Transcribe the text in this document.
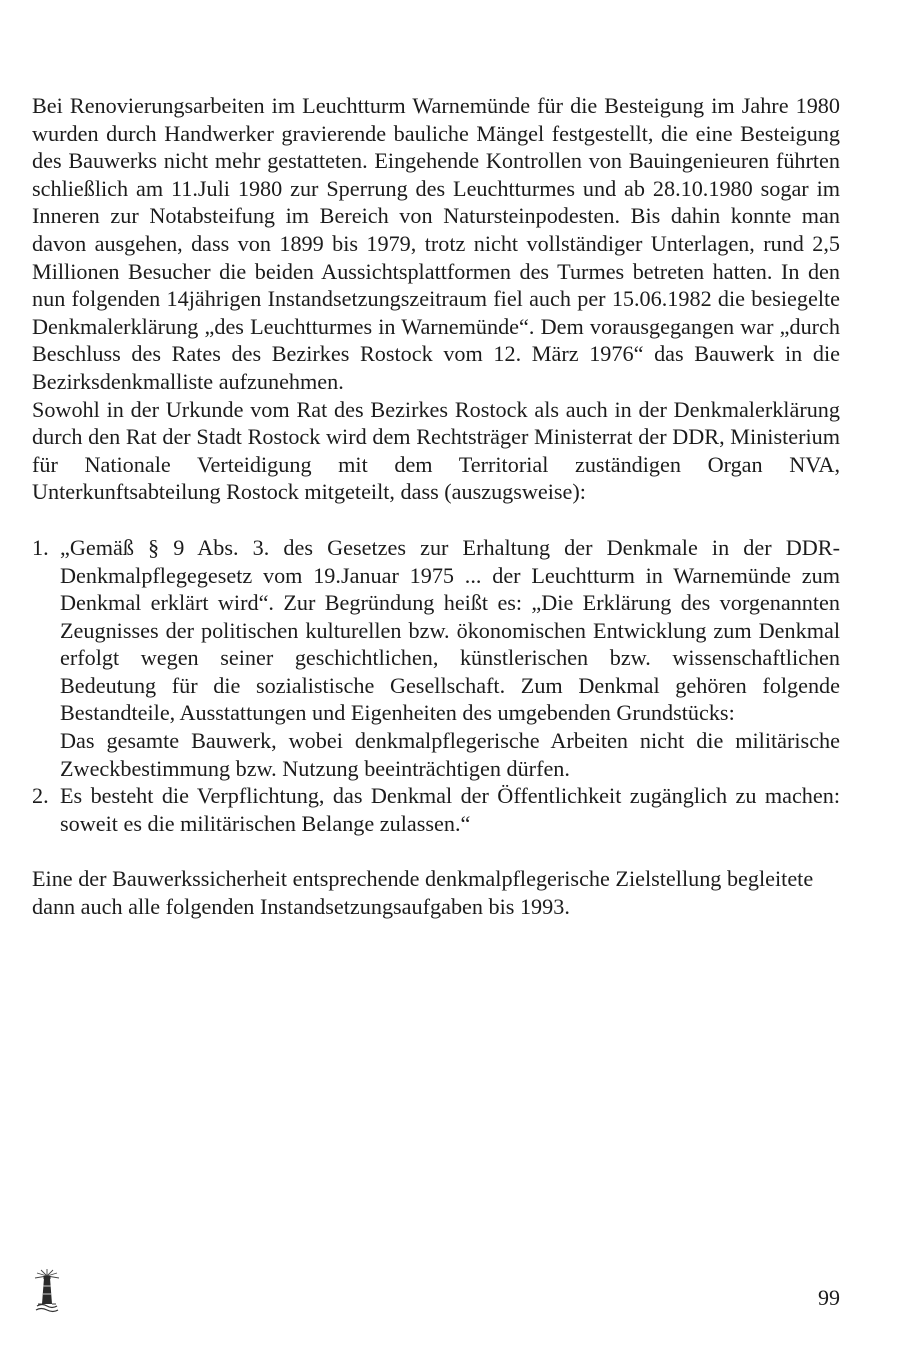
Bei Renovierungsarbeiten im Leuchtturm Warnemünde für die Besteigung im Jahre 1980 wurden durch Handwerker gravierende bauliche Mängel festgestellt, die eine Besteigung des Bauwerks nicht mehr gestatteten. Eingehende Kontrollen von Bauingenieuren führten schließlich am 11.Juli 1980 zur Sperrung des Leuchtturmes und ab 28.10.1980 sogar im Inneren zur Notabsteifung im Bereich von Natursteinpodesten. Bis dahin konnte man davon ausgehen, dass von 1899 bis 1979, trotz nicht vollständiger Unterlagen, rund 2,5 Millionen Besucher die beiden Aussichtsplattformen des Turmes betreten hatten. In den nun folgenden 14jährigen Instandsetzungszeitraum fiel auch per 15.06.1982 die besiegelte Denkmalerklärung „des Leuchtturmes in Warnemünde“. Dem vorausgegangen war „durch Beschluss des Rates des Bezirkes Rostock vom 12. März 1976“ das Bauwerk in die Bezirksdenkmalliste aufzunehmen.

Sowohl in der Urkunde vom Rat des Bezirkes Rostock als auch in der Denkmalerklärung durch den Rat der Stadt Rostock wird dem Rechtsträger Ministerrat der DDR, Ministerium für Nationale Verteidigung mit dem Territorial zuständigen Organ NVA, Unterkunftsabteilung Rostock mitgeteilt, dass (auszugsweise):

1. „Gemäß § 9 Abs. 3. des Gesetzes zur Erhaltung der Denkmale in der DDR-Denkmalpflegegesetz vom 19.Januar 1975 ... der Leuchtturm in Warnemünde zum Denkmal erklärt wird“. Zur Begründung heißt es: „Die Erklärung des vorgenannten Zeugnisses der politischen kulturellen bzw. ökonomischen Entwicklung zum Denkmal erfolgt wegen seiner geschichtlichen, künstlerischen bzw. wissenschaftlichen Bedeutung für die sozialistische Gesellschaft. Zum Denkmal gehören folgende Bestandteile, Ausstattungen und Eigenheiten des umgebenden Grundstücks:
Das gesamte Bauwerk, wobei denkmalpflegerische Arbeiten nicht die militärische Zweckbestimmung bzw. Nutzung beeinträchtigen dürfen.
2. Es besteht die Verpflichtung, das Denkmal der Öffentlichkeit zugänglich zu machen: soweit es die militärischen Belange zulassen.“

Eine der Bauwerkssicherheit entsprechende denkmalpflegerische Zielstellung begleitete dann auch alle folgenden Instandsetzungsaufgaben bis 1993.

99
